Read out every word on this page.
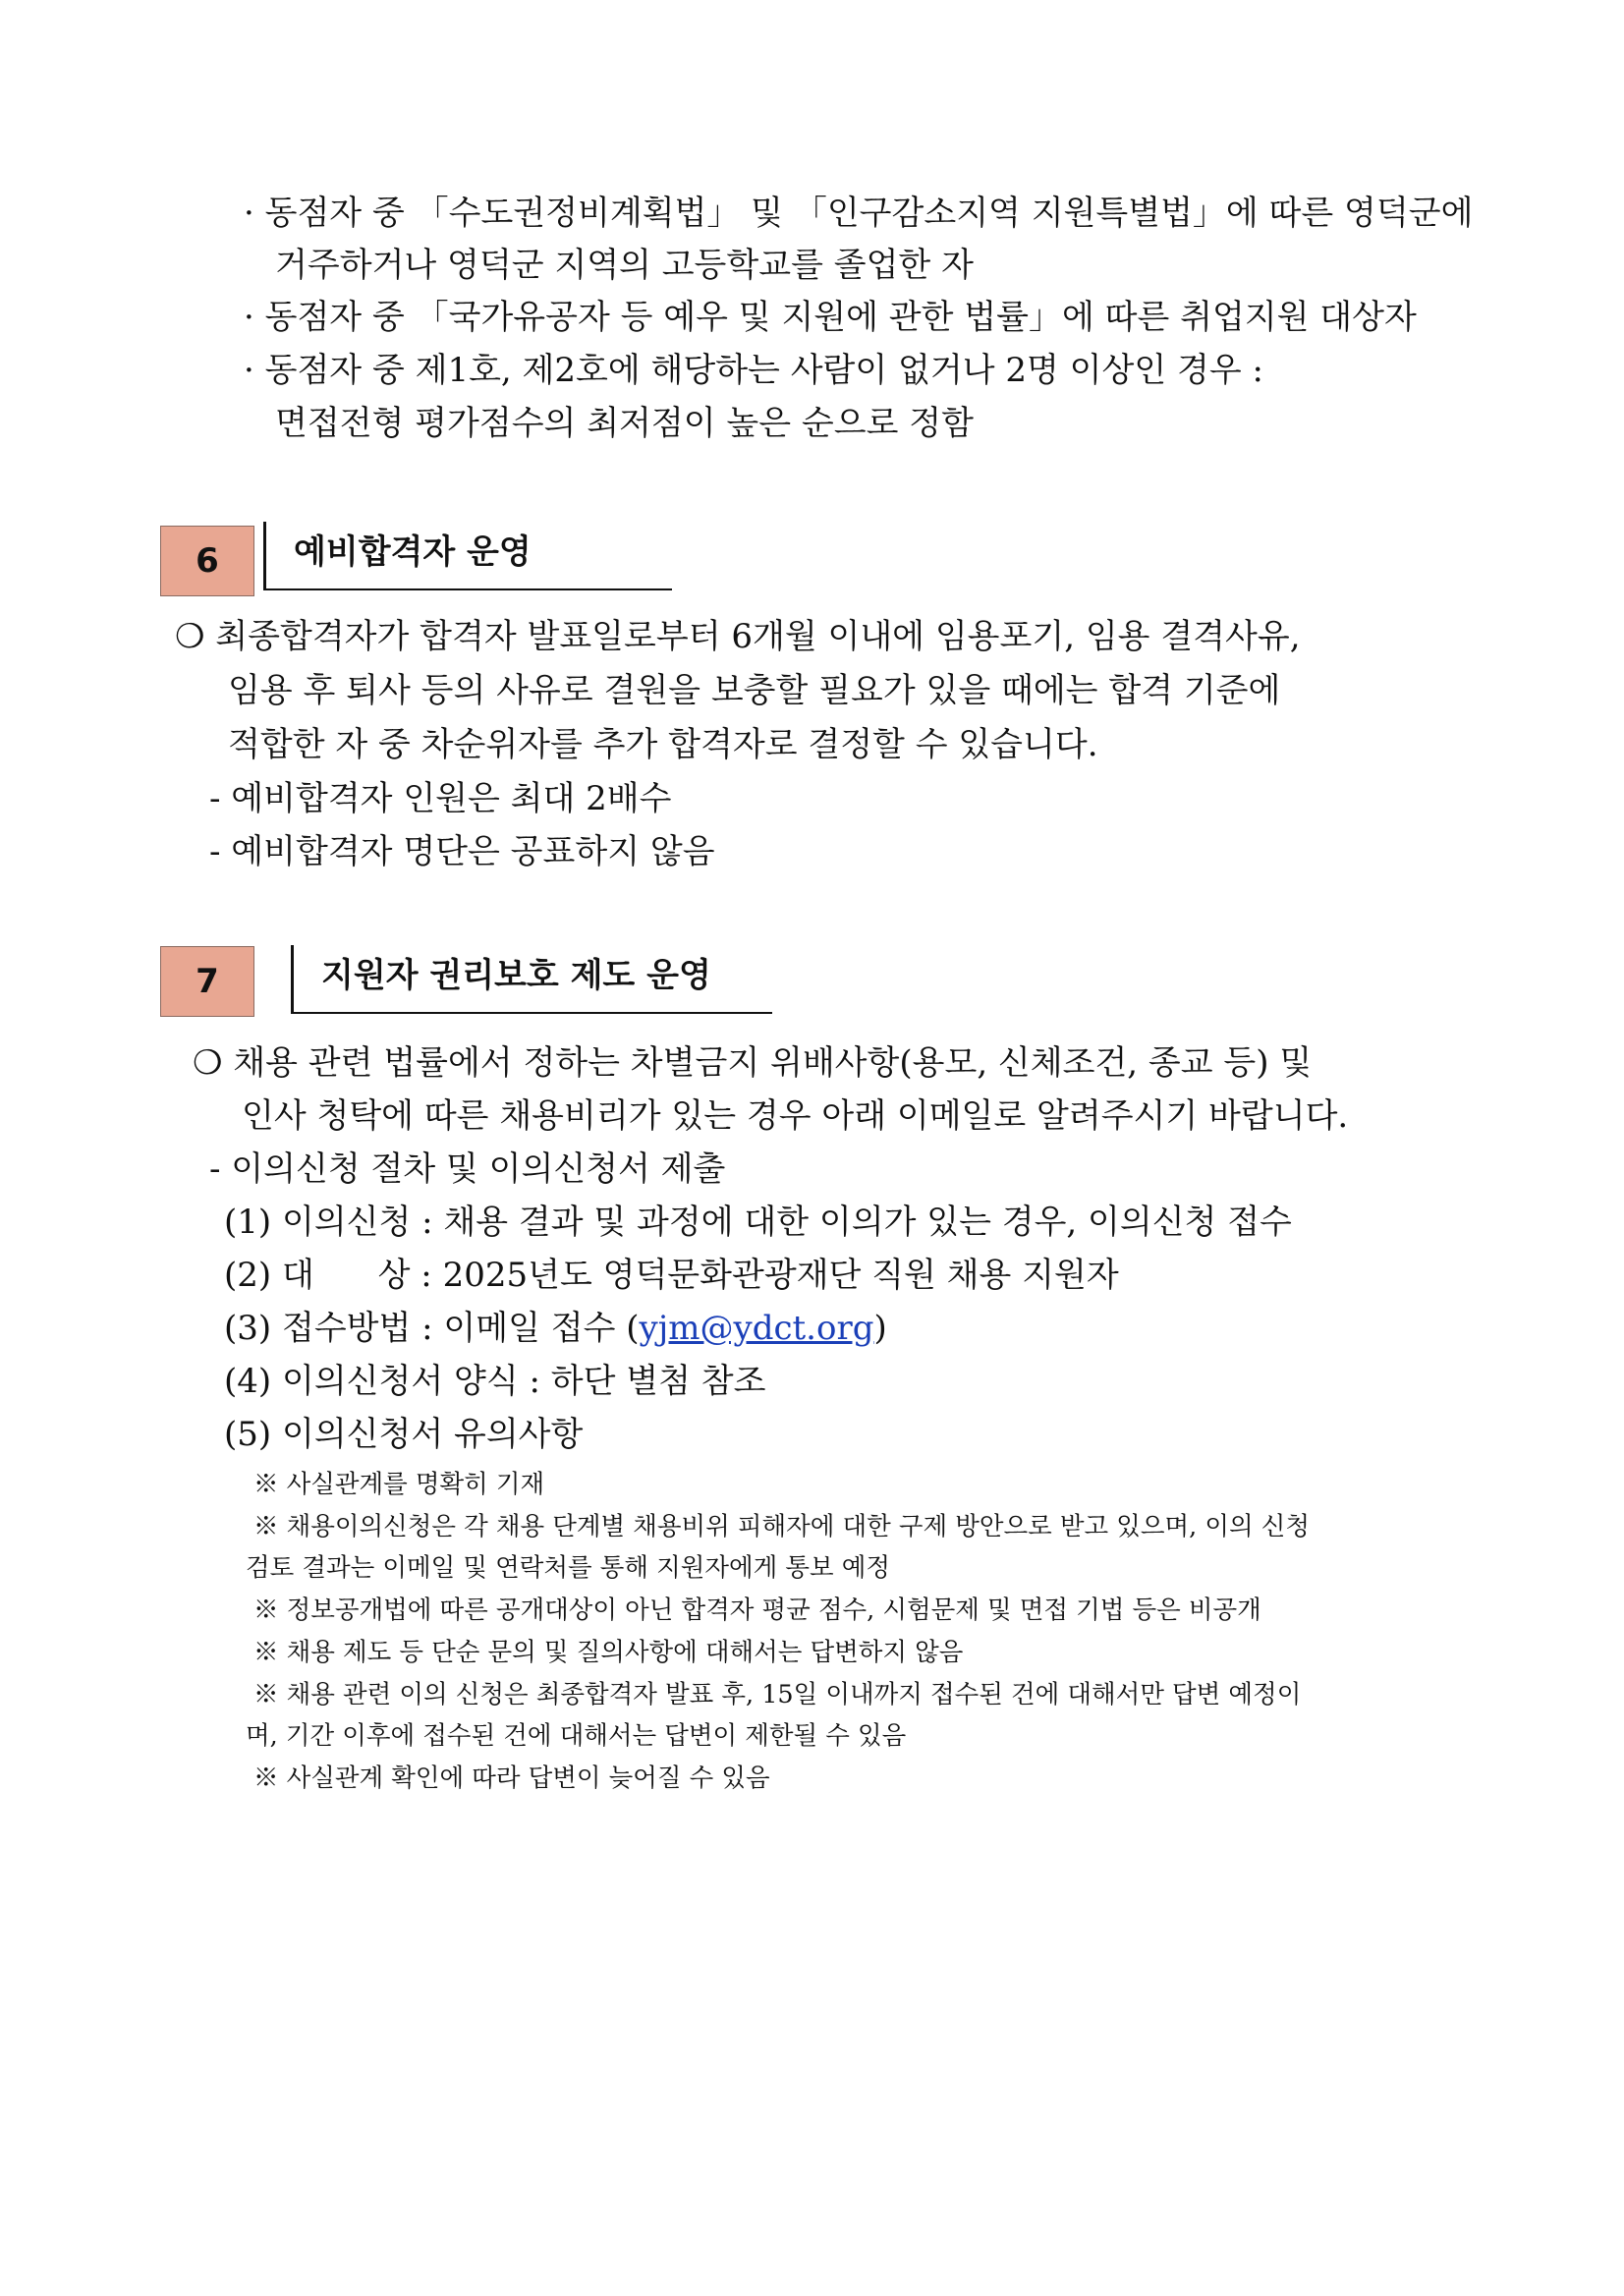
· 동점자 중 「수도권정비계획법」 및 「인구감소지역 지원특별법」에 따른 영덕군에
거주하거나 영덕군 지역의 고등학교를 졸업한 자
· 동점자 중 「국가유공자 등 예우 및 지원에 관한 법률」에 따른 취업지원 대상자
· 동점자 중 제1호, 제2호에 해당하는 사람이 없거나 2명 이상인 경우 :
면접전형 평가점수의 최저점이 높은 순으로 정함
6	예비합격자 운영
❍ 최종합격자가 합격자 발표일로부터 6개월 이내에 임용포기, 임용 결격사유,
임용 후 퇴사 등의 사유로 결원을 보충할 필요가 있을 때에는 합격 기준에
적합한 자 중 차순위자를 추가 합격자로 결정할 수 있습니다.
- 예비합격자 인원은 최대 2배수
- 예비합격자 명단은 공표하지 않음
7	지원자 권리보호 제도 운영
❍ 채용 관련 법률에서 정하는 차별금지 위배사항(용모, 신체조건, 종교 등) 및
인사 청탁에 따른 채용비리가 있는 경우 아래 이메일로 알려주시기 바랍니다.
- 이의신청 절차 및 이의신청서 제출
(1) 이의신청 : 채용 결과 및 과정에 대한 이의가 있는 경우, 이의신청 접수
(2) 대      상 : 2025년도 영덕문화관광재단 직원 채용 지원자
(3) 접수방법 : 이메일 접수 (yjm@ydct.org)
(4) 이의신청서 양식 : 하단 별첨 참조
(5) 이의신청서 유의사항
※ 사실관계를 명확히 기재
※ 채용이의신청은 각 채용 단계별 채용비위 피해자에 대한 구제 방안으로 받고 있으며, 이의 신청
검토 결과는 이메일 및 연락처를 통해 지원자에게 통보 예정
※ 정보공개법에 따른 공개대상이 아닌 합격자 평균 점수, 시험문제 및 면접 기법 등은 비공개
※ 채용 제도 등 단순 문의 및 질의사항에 대해서는 답변하지 않음
※ 채용 관련 이의 신청은 최종합격자 발표 후, 15일 이내까지 접수된 건에 대해서만 답변 예정이
며, 기간 이후에 접수된 건에 대해서는 답변이 제한될 수 있음
※ 사실관계 확인에 따라 답변이 늦어질 수 있음
